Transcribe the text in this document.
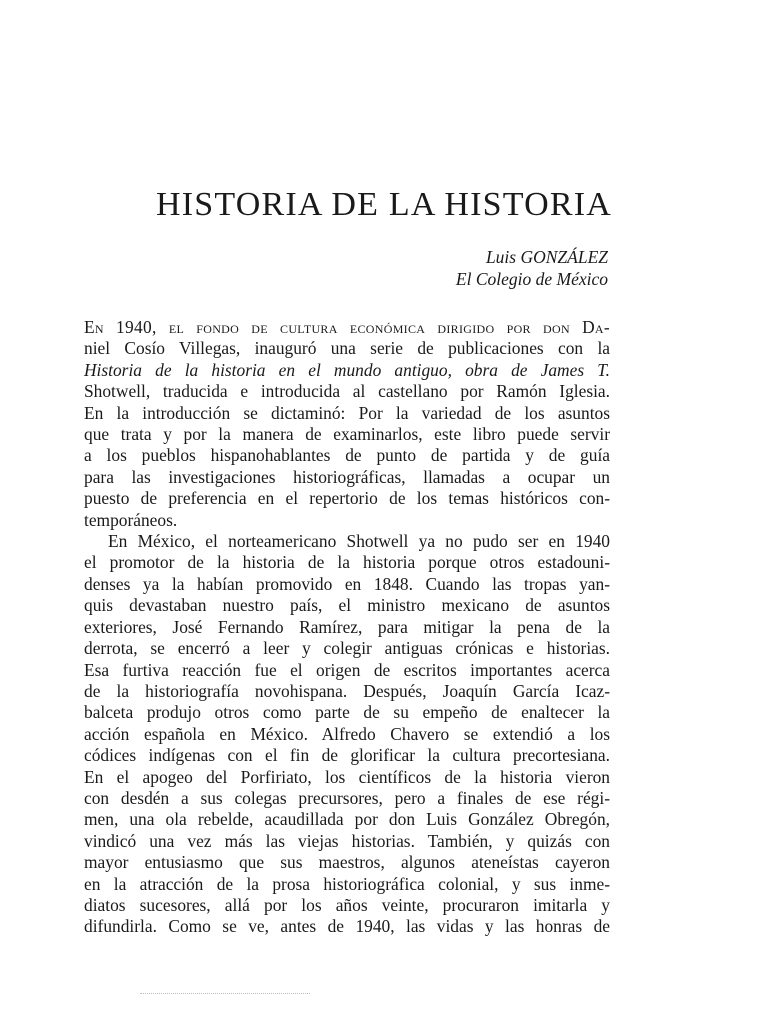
HISTORIA DE LA HISTORIA
Luis GONZÁLEZ
El Colegio de México
En 1940, el fondo de cultura económica dirigido por don Da-
niel Cosío Villegas, inauguró una serie de publicaciones con la
Historia de la historia en el mundo antiguo, obra de James T.
Shotwell, traducida e introducida al castellano por Ramón Iglesia.
En la introducción se dictaminó: Por la variedad de los asuntos
que trata y por la manera de examinarlos, este libro puede servir
a los pueblos hispanohablantes de punto de partida y de guía
para las investigaciones historiográficas, llamadas a ocupar un
puesto de preferencia en el repertorio de los temas históricos con-
temporáneos.
En México, el norteamericano Shotwell ya no pudo ser en 1940
el promotor de la historia de la historia porque otros estadouni-
denses ya la habían promovido en 1848. Cuando las tropas yan-
quis devastaban nuestro país, el ministro mexicano de asuntos
exteriores, José Fernando Ramírez, para mitigar la pena de la
derrota, se encerró a leer y colegir antiguas crónicas e historias.
Esa furtiva reacción fue el origen de escritos importantes acerca
de la historiografía novohispana. Después, Joaquín García Icaz-
balceta produjo otros como parte de su empeño de enaltecer la
acción española en México. Alfredo Chavero se extendió a los
códices indígenas con el fin de glorificar la cultura precortesiana.
En el apogeo del Porfiriato, los científicos de la historia vieron
con desdén a sus colegas precursores, pero a finales de ese régi-
men, una ola rebelde, acaudillada por don Luis González Obregón,
vindicó una vez más las viejas historias. También, y quizás con
mayor entusiasmo que sus maestros, algunos ateneístas cayeron
en la atracción de la prosa historiográfica colonial, y sus inme-
diatos sucesores, allá por los años veinte, procuraron imitarla y
difundirla. Como se ve, antes de 1940, las vidas y las honras de
